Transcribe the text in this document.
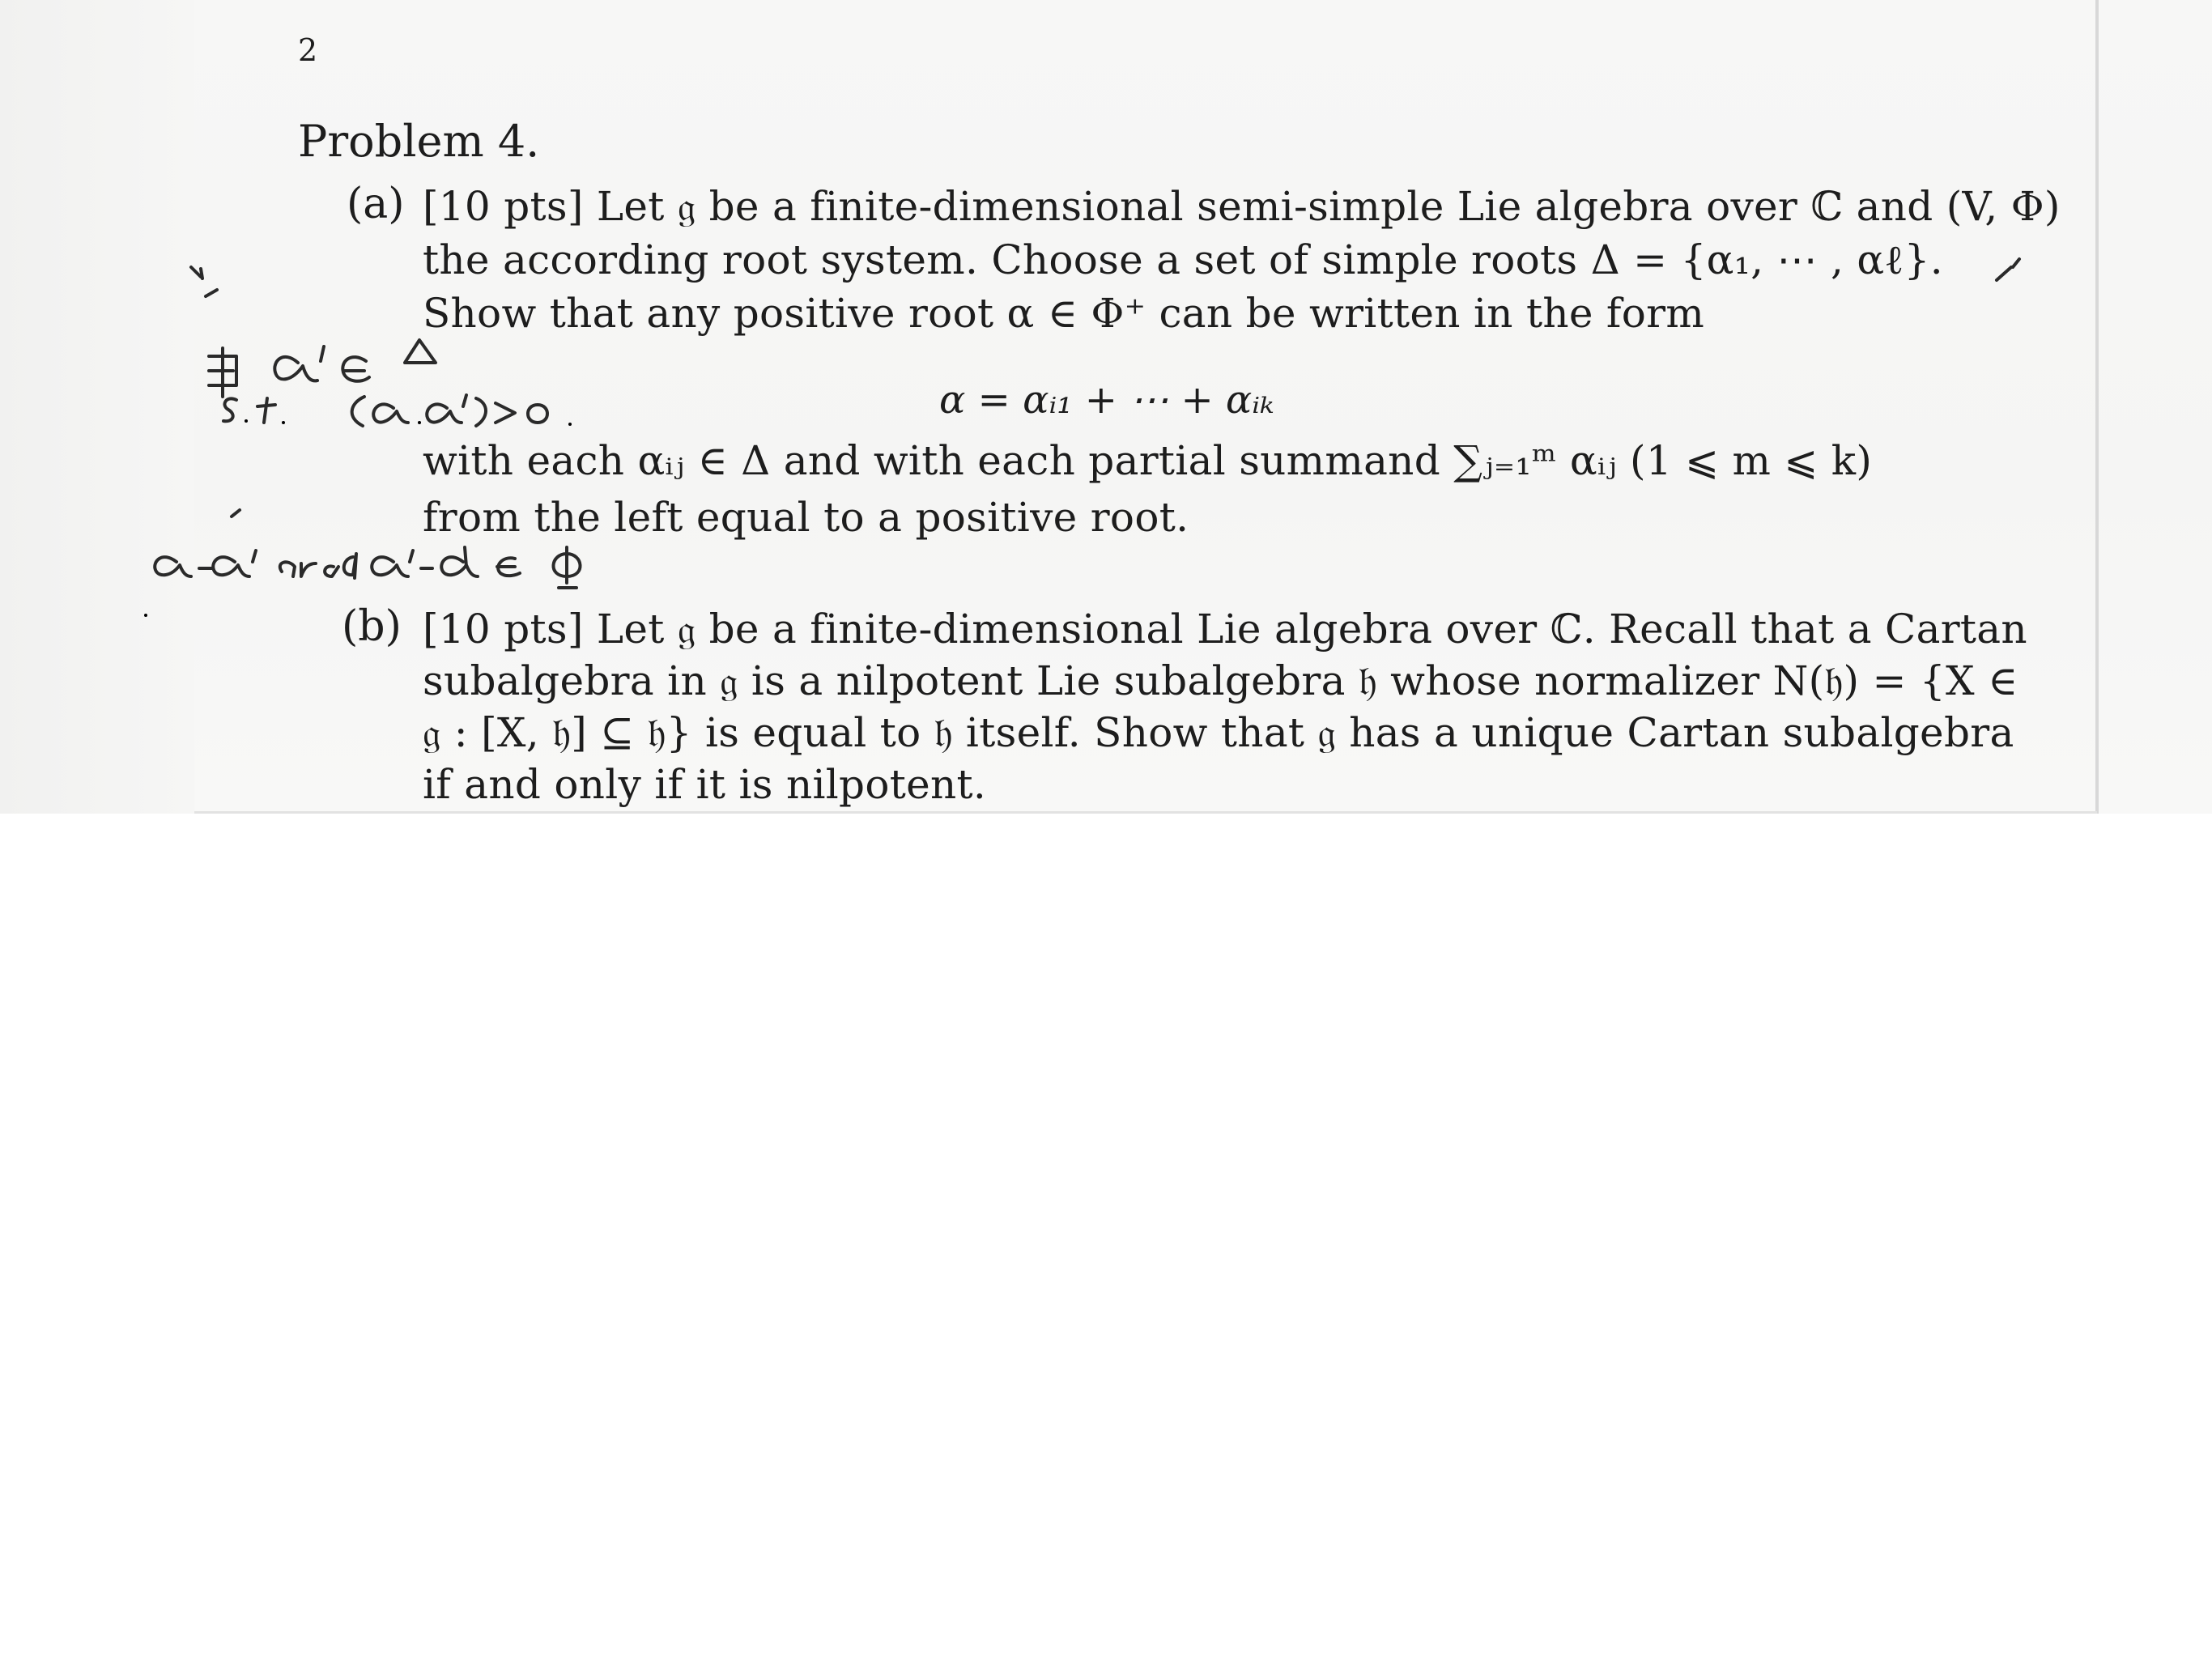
2
Problem 4.
(a) [10 pts] Let 𝔤 be a finite-dimensional semi-simple Lie algebra over ℂ and (V, Φ)
the according root system. Choose a set of simple roots Δ = {α₁, ⋯ , αℓ}.
Show that any positive root α ∈ Φ⁺ can be written in the form
α = αᵢ₁ + ⋯ + αᵢₖ
with each αᵢⱼ ∈ Δ and with each partial summand ∑ⱼ₌₁ᵐ αᵢⱼ (1 ⩽ m ⩽ k)
from the left equal to a positive root.
(b) [10 pts] Let 𝔤 be a finite-dimensional Lie algebra over ℂ. Recall that a Cartan
subalgebra in 𝔤 is a nilpotent Lie subalgebra 𝔥 whose normalizer N(𝔥) = {X ∈
𝔤 : [X, 𝔥] ⊆ 𝔥} is equal to 𝔥 itself. Show that 𝔤 has a unique Cartan subalgebra
if and only if it is nilpotent.
